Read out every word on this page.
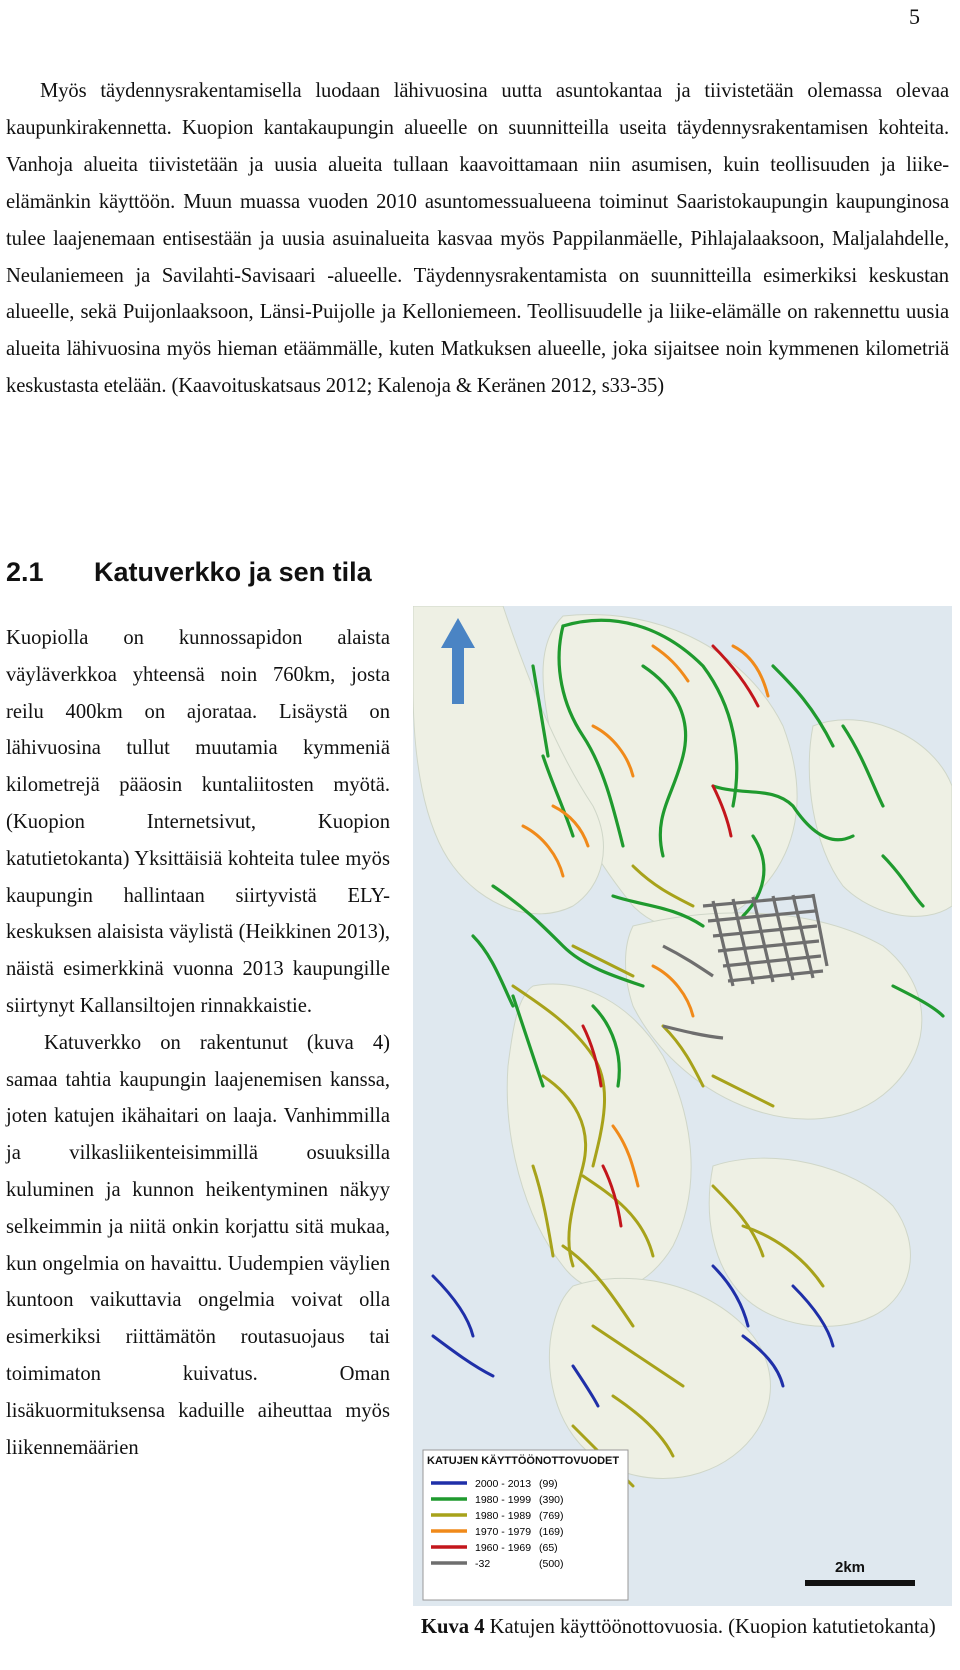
5

Myös täydennysrakentamisella luodaan lähivuosina uutta asuntokantaa ja tiivistetään olemassa olevaa kaupunkirakennetta. Kuopion kantakaupungin alueelle on suunnitteilla useita täydennysrakentamisen kohteita. Vanhoja alueita tiivistetään ja uusia alueita tullaan kaavoittamaan niin asumisen, kuin teollisuuden ja liike-elämänkin käyttöön. Muun muassa vuoden 2010 asuntomessualueena toiminut Saaristokaupungin kaupunginosa tulee laajenemaan entisestään ja uusia asuinalueita kasvaa myös Pappilanmäelle, Pihlajalaaksoon, Maljalahdelle, Neulaniemeen ja Savilahti-Savisaari -alueelle. Täydennysrakentamista on suunnitteilla esimerkiksi keskustan alueelle, sekä Puijonlaaksoon, Länsi-Puijolle ja Kelloniemeen. Teollisuudelle ja liike-elämälle on rakennettu uusia alueita lähivuosina myös hieman etäämmälle, kuten Matkuksen alueelle, joka sijaitsee noin kymmenen kilometriä keskustasta etelään. (Kaavoituskatsaus 2012; Kalenoja & Keränen 2012, s33-35)

2.1 Katuverkko ja sen tila

Kuopiolla on kunnossapidon alaista väyläverkkoa yhteensä noin 760km, josta reilu 400km on ajorataa. Lisäystä on lähivuosina tullut muutamia kymmeniä kilometrejä pääosin kuntaliitosten myötä. (Kuopion Internetsivut, Kuopion katutietokanta) Yksittäisiä kohteita tulee myös kaupungin hallintaan siirtyvistä ELY-keskuksen alaisista väylistä (Heikkinen 2013), näistä esimerkkinä vuonna 2013 kaupungille siirtynyt Kallansiltojen rinnakkaistie.

Katuverkko on rakentunut (kuva 4) samaa tahtia kaupungin laajenemisen kanssa, joten katujen ikähaitari on laaja. Vanhimmilla ja vilkasliikenteisimmillä osuuksilla kuluminen ja kunnon heikentyminen näkyy selkeimmin ja niitä onkin korjattu sitä mukaa, kun ongelmia on havaittu. Uudempien väylien kuntoon vaikuttavia ongelmia voivat olla esimerkiksi riittämätön routasuojaus tai toimimaton kuivatus. Oman lisäkuormituksensa kaduille aiheuttaa myös liikennemäärien

KATUJEN KÄYTTÖÖNOTTOVUODET
2000 - 2013 (99)
1980 - 1999 (390)
1980 - 1989 (769)
1970 - 1979 (169)
1960 - 1969 (65)
-32	(500)	2km

Kuva 4 Katujen käyttöönottovuosia. (Kuopion katutietokanta)
